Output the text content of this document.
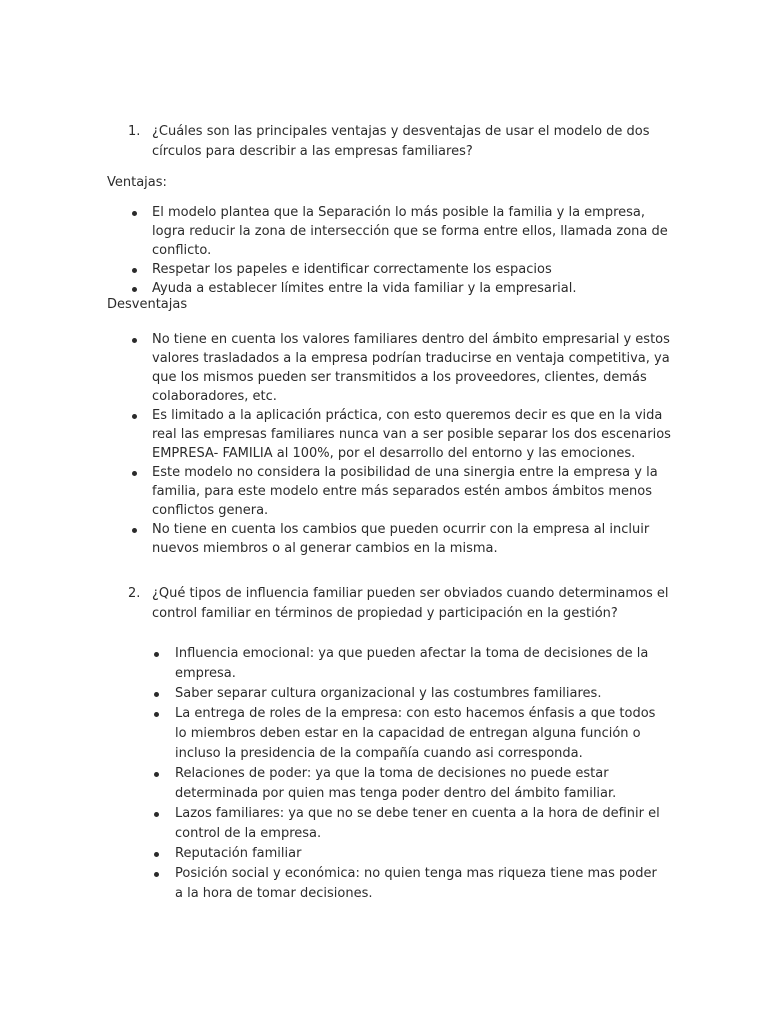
1. ¿Cuáles son las principales ventajas y desventajas de usar el modelo de dos círculos para describir a las empresas familiares?
Ventajas:
El modelo plantea que la Separación lo más posible la familia y la empresa, logra reducir la zona de intersección que se forma entre ellos, llamada zona de conflicto.
Respetar los papeles e identificar correctamente los espacios
Ayuda a establecer límites entre la vida familiar y la empresarial.
Desventajas
No tiene en cuenta los valores familiares dentro del ámbito empresarial y estos valores trasladados a la empresa podrían traducirse en ventaja competitiva, ya que los mismos pueden ser transmitidos a los proveedores, clientes, demás colaboradores, etc.
Es limitado a la aplicación práctica, con esto queremos decir es que en la vida real las empresas familiares nunca van a ser posible separar los dos escenarios EMPRESA- FAMILIA al 100%, por el desarrollo del entorno y las emociones.
Este modelo no considera la posibilidad de una sinergia entre la empresa y la familia, para este modelo entre más separados estén ambos ámbitos menos conflictos genera.
No tiene en cuenta los cambios que pueden ocurrir con la empresa al incluir nuevos miembros o al generar cambios en la misma.
2. ¿Qué tipos de influencia familiar pueden ser obviados cuando determinamos el control familiar en términos de propiedad y participación en la gestión?
Influencia emocional: ya que pueden afectar la toma de decisiones de la empresa.
Saber separar cultura organizacional y las costumbres familiares.
La entrega de roles de la empresa: con esto hacemos énfasis a que todos lo miembros deben estar en la capacidad de entregan alguna función o incluso la presidencia de la compañía cuando asi corresponda.
Relaciones de poder: ya que la toma de decisiones no puede estar determinada por quien mas tenga poder dentro del ámbito familiar.
Lazos familiares: ya que no se debe tener en cuenta a la hora de definir el control de la empresa.
Reputación familiar
Posición social y económica: no quien tenga mas riqueza tiene mas poder a la hora de tomar decisiones.
